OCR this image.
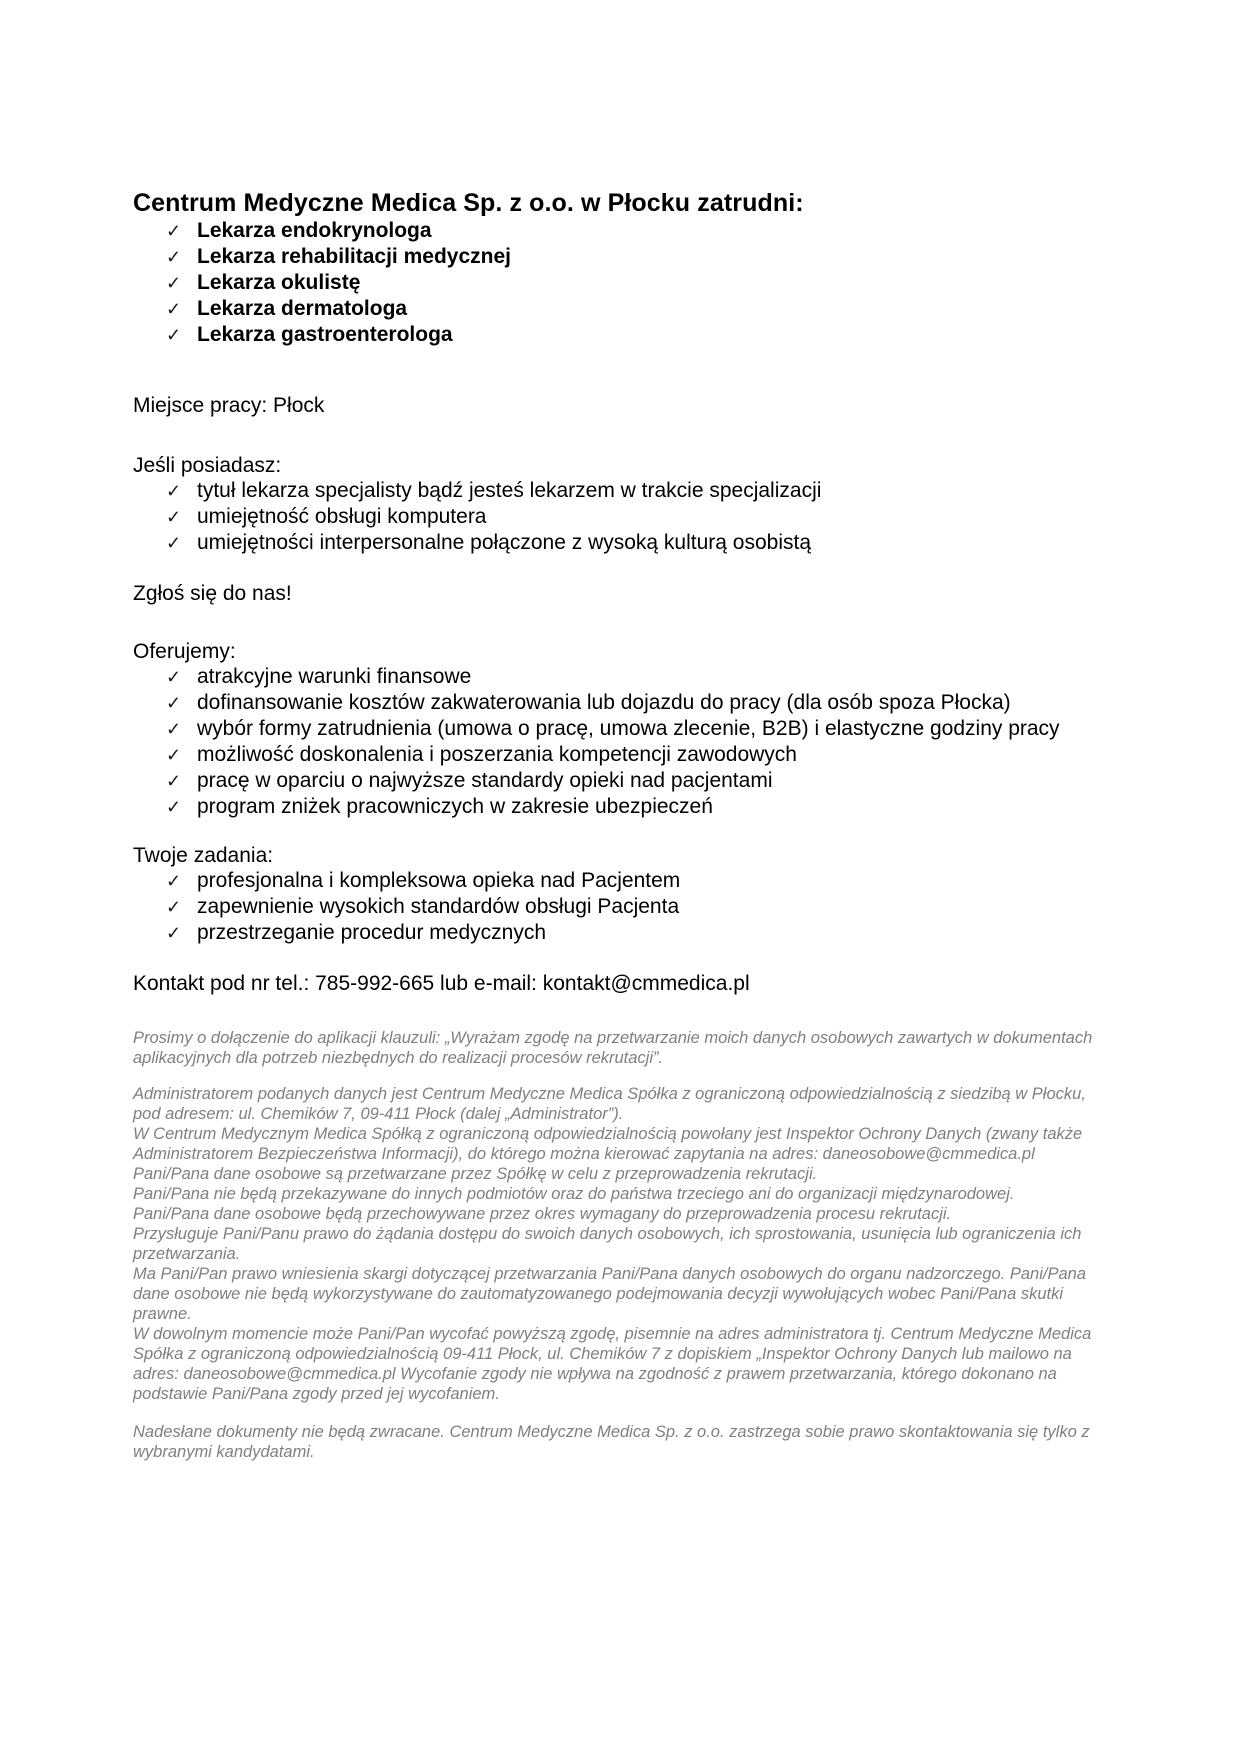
Centrum Medyczne Medica Sp. z o.o. w Płocku zatrudni:
✓ Lekarza endokrynologa
✓ Lekarza rehabilitacji medycznej
✓ Lekarza okulistę
✓ Lekarza dermatologa
✓ Lekarza gastroenterologa

Miejsce pracy: Płock

Jeśli posiadasz:

✓ tytuł lekarza specjalisty bądź jesteś lekarzem w trakcie specjalizacji
✓ umiejętność obsługi komputera
✓ umiejętności interpersonalne połączone z wysoką kulturą osobistą

Zgłoś się do nas!

Oferujemy:

✓ atrakcyjne warunki finansowe
✓ dofinansowanie kosztów zakwaterowania lub dojazdu do pracy (dla osób spoza Płocka)
✓ wybór formy zatrudnienia (umowa o pracę, umowa zlecenie, B2B) i elastyczne godziny pracy
✓ możliwość doskonalenia i poszerzania kompetencji zawodowych
✓ pracę w oparciu o najwyższe standardy opieki nad pacjentami
✓ program zniżek pracowniczych w zakresie ubezpieczeń

Twoje zadania:

✓ profesjonalna i kompleksowa opieka nad Pacjentem
✓ zapewnienie wysokich standardów obsługi Pacjenta
✓ przestrzeganie procedur medycznych

Kontakt pod nr tel.: 785-992-665 lub e-mail: kontakt@cmmedica.pl

Prosimy o dołączenie do aplikacji klauzuli: „Wyrażam zgodę na przetwarzanie moich danych osobowych zawartych w dokumentach aplikacyjnych dla potrzeb niezbędnych do realizacji procesów rekrutacji”.

Administratorem podanych danych jest Centrum Medyczne Medica Spółka z ograniczoną odpowiedzialnością z siedzibą w Płocku, pod adresem: ul. Chemików 7, 09-411 Płock (dalej „Administrator”).

W Centrum Medycznym Medica Spółką z ograniczoną odpowiedzialnością powołany jest Inspektor Ochrony Danych (zwany także Administratorem Bezpieczeństwa Informacji), do którego można kierować zapytania na adres: daneosobowe@cmmedica.pl

Pani/Pana dane osobowe są przetwarzane przez Spółkę w celu z przeprowadzenia rekrutacji.

Pani/Pana nie będą przekazywane do innych podmiotów oraz do państwa trzeciego ani do organizacji międzynarodowej.

Pani/Pana dane osobowe będą przechowywane przez okres wymagany do przeprowadzenia procesu rekrutacji.

Przysługuje Pani/Panu prawo do żądania dostępu do swoich danych osobowych, ich sprostowania, usunięcia lub ograniczenia ich przetwarzania.

Ma Pani/Pan prawo wniesienia skargi dotyczącej przetwarzania Pani/Pana danych osobowych do organu nadzorczego. Pani/Pana dane osobowe nie będą wykorzystywane do zautomatyzowanego podejmowania decyzji wywołujących wobec Pani/Pana skutki prawne.

W dowolnym momencie może Pani/Pan wycofać powyższą zgodę, pisemnie na adres administratora tj. Centrum Medyczne Medica Spółka z ograniczoną odpowiedzialnością 09-411 Płock, ul. Chemików 7 z dopiskiem „Inspektor Ochrony Danych lub mailowo na adres: daneosobowe@cmmedica.pl Wycofanie zgody nie wpływa na zgodność z prawem przetwarzania, którego dokonano na podstawie Pani/Pana zgody przed jej wycofaniem.

Nadesłane dokumenty nie będą zwracane. Centrum Medyczne Medica Sp. z o.o. zastrzega sobie prawo skontaktowania się tylko z wybranymi kandydatami.
